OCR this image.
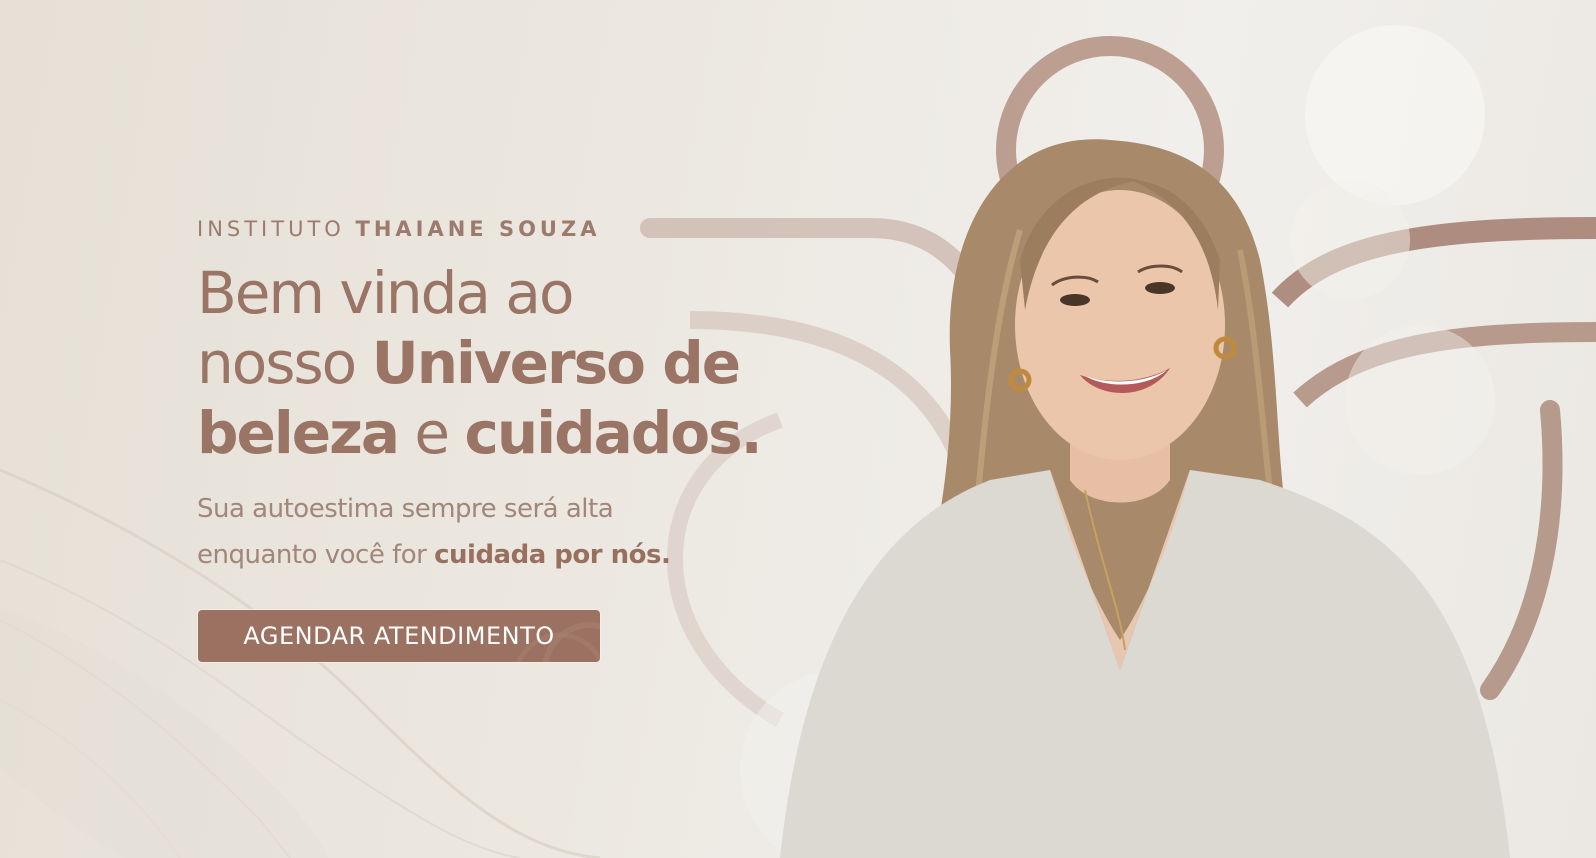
INSTITUTO THAIANE SOUZA

Bem vinda ao
nosso Universo de
beleza e cuidados.

Sua autoestima sempre será alta
enquanto você for cuidada por nós.

AGENDAR ATENDIMENTO
